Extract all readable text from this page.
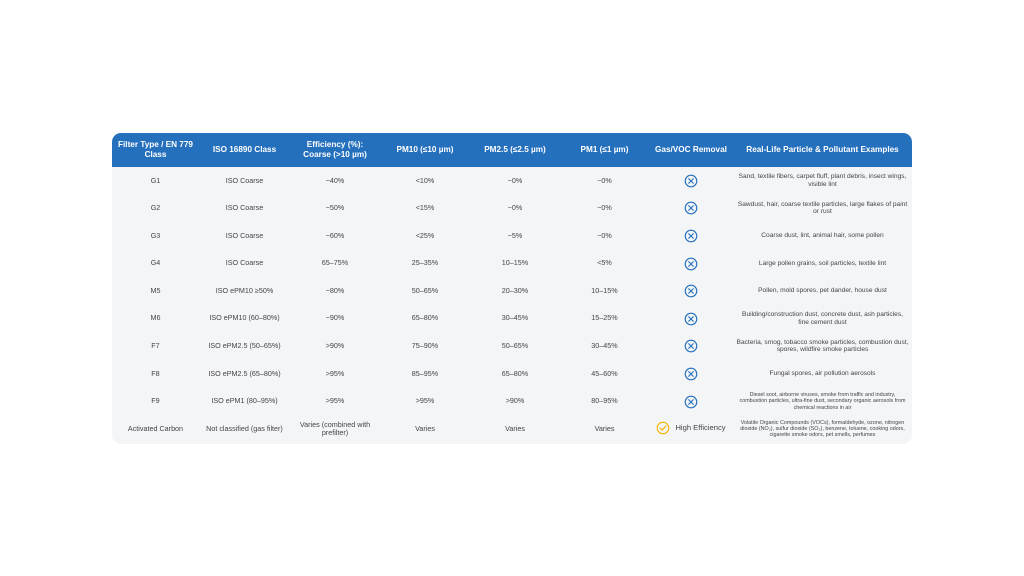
Filter Type / EN 779 Class	ISO 16890 Class	Efficiency (%): Coarse (>10 µm)	PM10 (≤10 µm)	PM2.5 (≤2.5 µm)	PM1 (≤1 µm)	Gas/VOC Removal	Real-Life Particle & Pollutant Examples
G1	ISO Coarse	~40%	<10%	~0%	~0%		Sand, textile fibers, carpet fluff, plant debris, insect wings, visible lint
G2	ISO Coarse	~50%	<15%	~0%	~0%		Sawdust, hair, coarse textile particles, large flakes of paint or rust
G3	ISO Coarse	~60%	<25%	~5%	~0%		Coarse dust, lint, animal hair, some pollen
G4	ISO Coarse	65–75%	25–35%	10–15%	<5%		Large pollen grains, soil particles, textile lint
M5	ISO ePM10 ≥50%	~80%	50–65%	20–30%	10–15%		Pollen, mold spores, pet dander, house dust
M6	ISO ePM10 (60–80%)	~90%	65–80%	30–45%	15–25%		Building/construction dust, concrete dust, ash particles, fine cement dust
F7	ISO ePM2.5 (50–65%)	>90%	75–90%	50–65%	30–45%		Bacteria, smog, tobacco smoke particles, combustion dust, spores, wildfire smoke particles
F8	ISO ePM2.5 (65–80%)	>95%	85–95%	65–80%	45–60%		Fungal spores, air pollution aerosols
F9	ISO ePM1 (80–95%)	>95%	>95%	>90%	80–95%		Diesel soot, airborne viruses, smoke from traffic and industry, combustion particles, ultra-fine dust, secondary organic aerosols from chemical reactions in air
Activated Carbon	Not classified (gas filter)	Varies (combined with prefilter)	Varies	Varies	Varies	High Efficiency	Volatile Organic Compounds (VOCs), formaldehyde, ozone, nitrogen dioxide (NO₂), sulfur dioxide (SO₂), benzene, toluene, cooking odors, cigarette smoke odors, pet smells, perfumes
